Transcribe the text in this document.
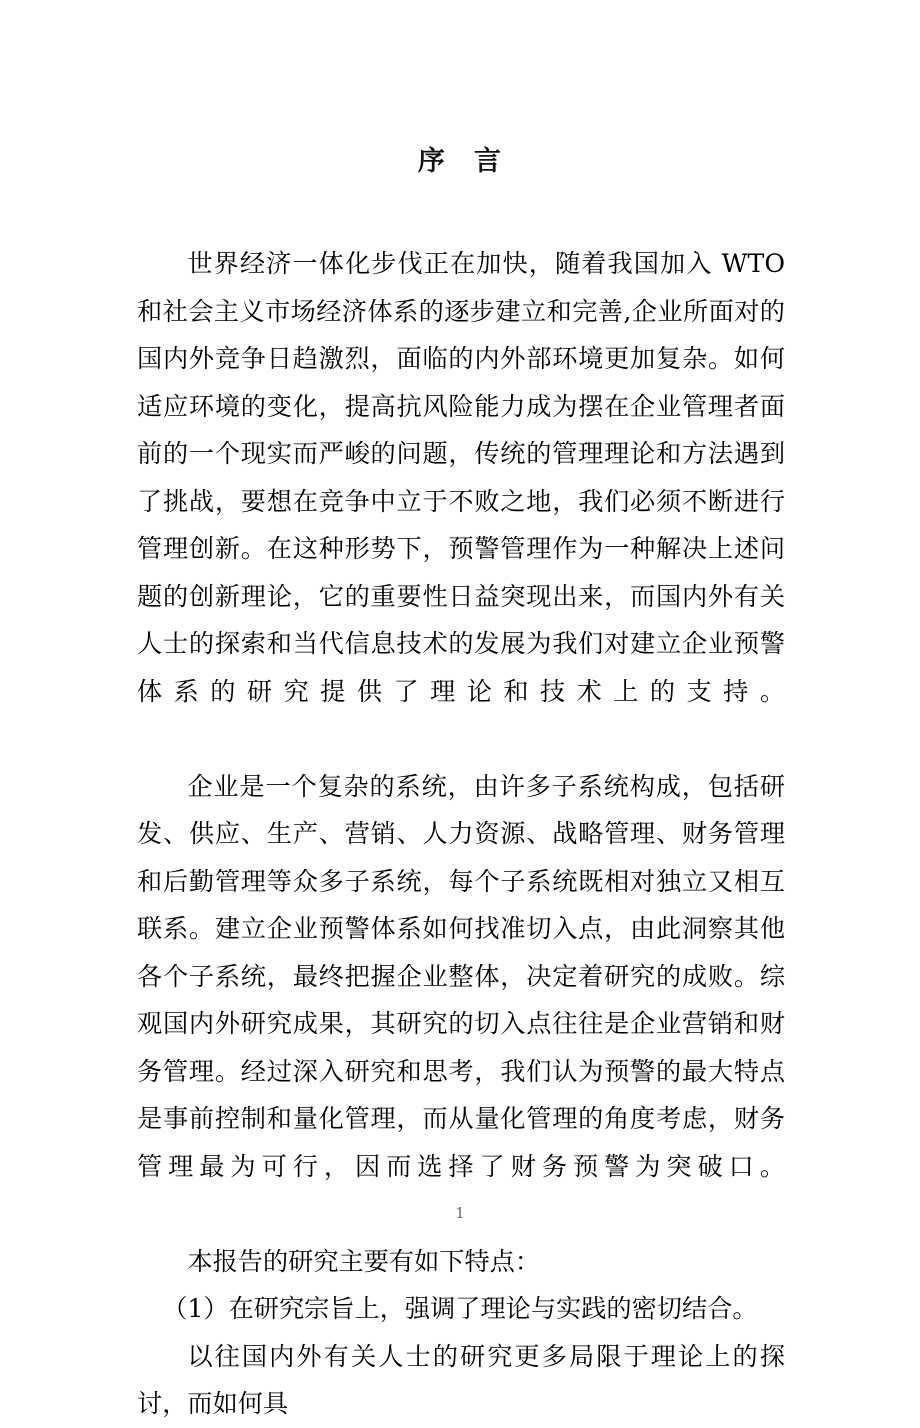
序　言

世界经济一体化步伐正在加快，随着我国加入 WTO 和社会主义市场经济体系的逐步建立和完善,企业所面对的国内外竞争日趋激烈，面临的内外部环境更加复杂。如何适应环境的变化，提高抗风险能力成为摆在企业管理者面前的一个现实而严峻的问题，传统的管理理论和方法遇到了挑战，要想在竞争中立于不败之地，我们必须不断进行管理创新。在这种形势下，预警管理作为一种解决上述问题的创新理论，它的重要性日益突现出来，而国内外有关人士的探索和当代信息技术的发展为我们对建立企业预警体系的研究提供了理论和技术上的支持。

企业是一个复杂的系统，由许多子系统构成，包括研发、供应、生产、营销、人力资源、战略管理、财务管理和后勤管理等众多子系统，每个子系统既相对独立又相互联系。建立企业预警体系如何找准切入点，由此洞察其他各个子系统，最终把握企业整体，决定着研究的成败。综观国内外研究成果，其研究的切入点往往是企业营销和财务管理。经过深入研究和思考，我们认为预警的最大特点是事前控制和量化管理，而从量化管理的角度考虑，财务管理最为可行，因而选择了财务预警为突破口。

本报告的研究主要有如下特点：

（1）在研究宗旨上，强调了理论与实践的密切结合。

以往国内外有关人士的研究更多局限于理论上的探讨，而如何具

1
